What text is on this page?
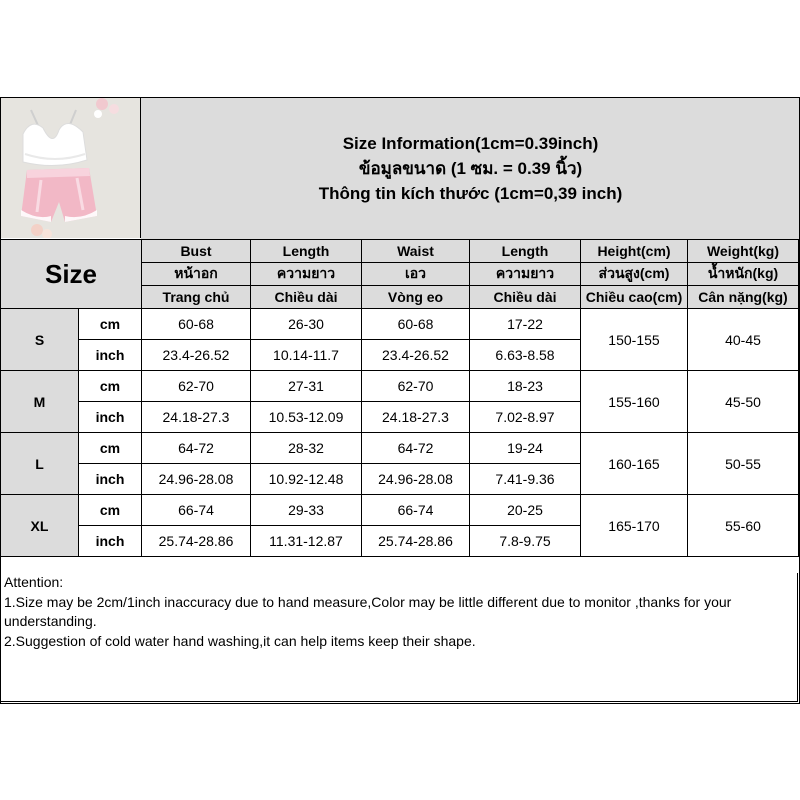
Size Information(1cm=0.39inch)
ข้อมูลขนาด (1 ซม. = 0.39 นิ้ว)
Thông tin kích thước (1cm=0,39 inch)
Size		Bust	Length	Waist	Length	Height(cm)	Weight(kg)
		หน้าอก	ความยาว	เอว	ความยาว	ส่วนสูง(cm)	น้ำหนัก(kg)
		Trang chủ	Chiều dài	Vòng eo	Chiều dài	Chiều cao(cm)	Cân nặng(kg)
S	cm	60-68	26-30	60-68	17-22	150-155	40-45
	inch	23.4-26.52	10.14-11.7	23.4-26.52	6.63-8.58		
M	cm	62-70	27-31	62-70	18-23	155-160	45-50
	inch	24.18-27.3	10.53-12.09	24.18-27.3	7.02-8.97		
L	cm	64-72	28-32	64-72	19-24	160-165	50-55
	inch	24.96-28.08	10.92-12.48	24.96-28.08	7.41-9.36		
XL	cm	66-74	29-33	66-74	20-25	165-170	55-60
	inch	25.74-28.86	11.31-12.87	25.74-28.86	7.8-9.75		
Attention:
1.Size may be 2cm/1inch inaccuracy due to hand measure,Color may be little different due to monitor ,thanks for your
understanding.
2.Suggestion of cold water hand washing,it can help items keep their shape.
